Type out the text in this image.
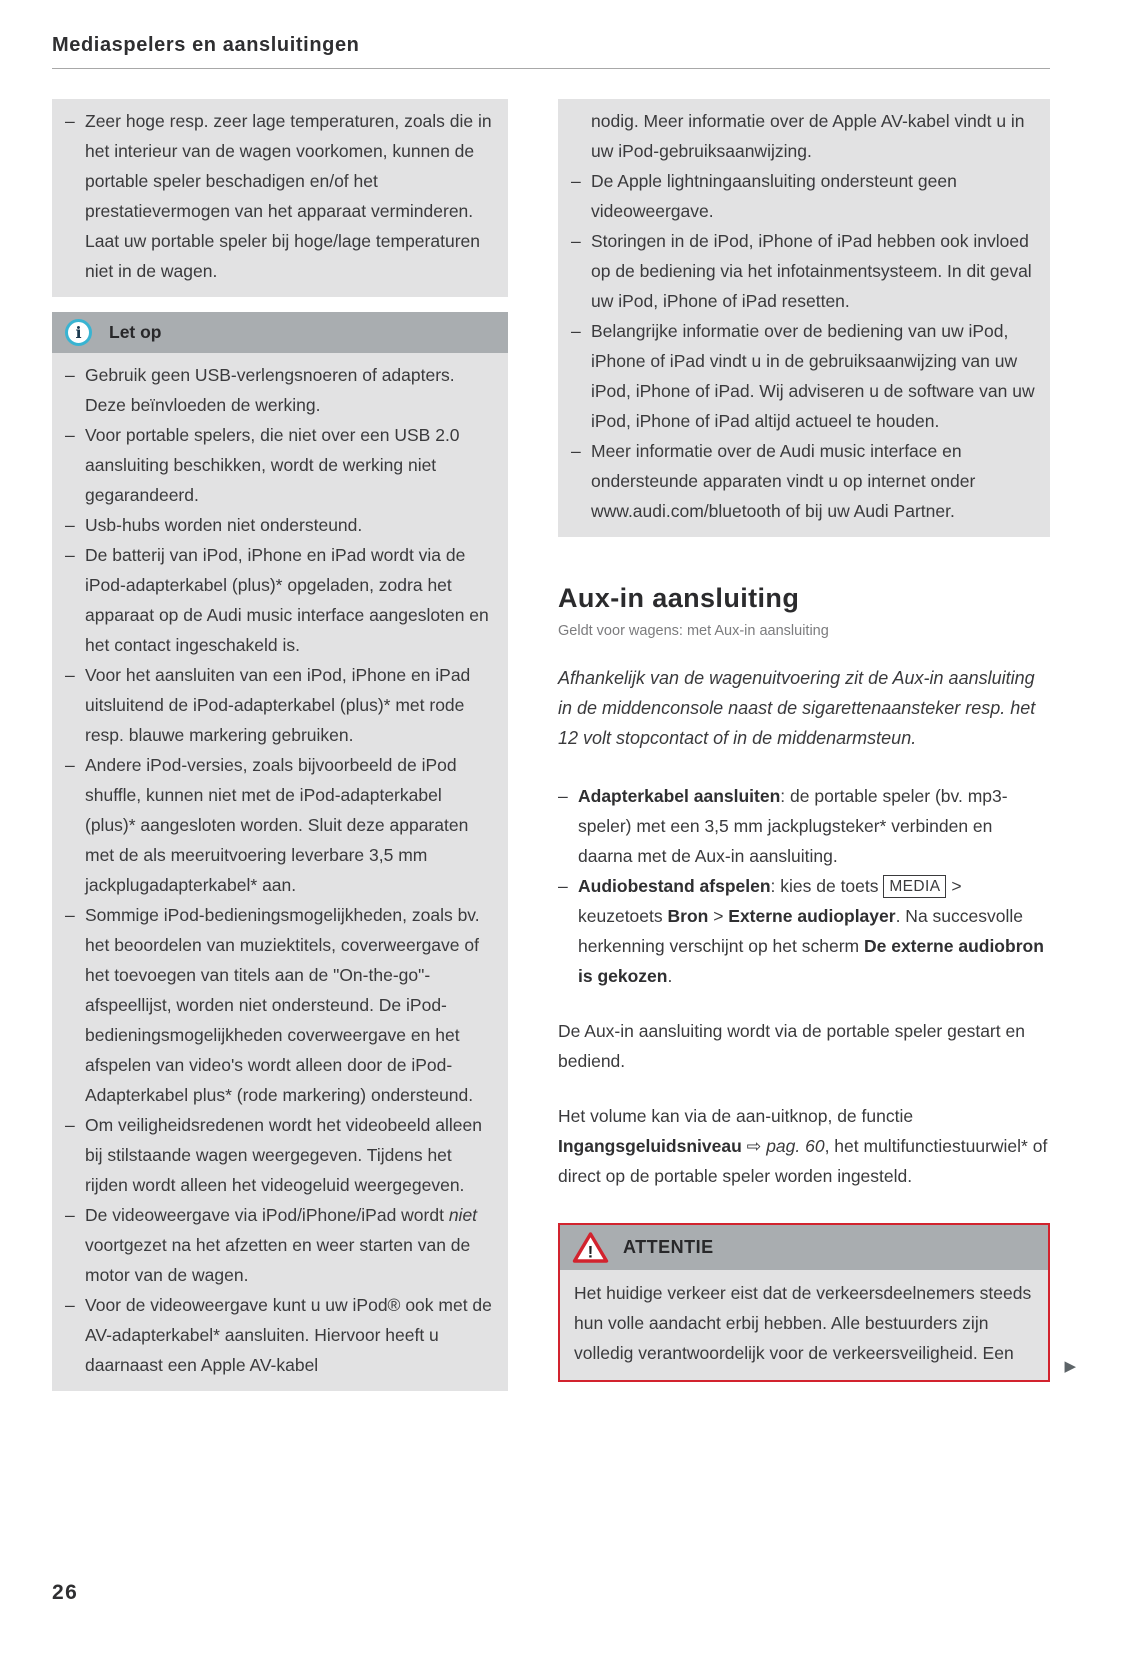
Mediaspelers en aansluitingen
– Zeer hoge resp. zeer lage temperaturen, zoals die in het interieur van de wagen voorkomen, kunnen de portable speler beschadigen en/of het prestatievermogen van het apparaat verminderen. Laat uw portable speler bij hoge/lage temperaturen niet in de wagen.
i	Let op
– Gebruik geen USB-verlengsnoeren of adapters. Deze beïnvloeden de werking.
– Voor portable spelers, die niet over een USB 2.0 aansluiting beschikken, wordt de werking niet gegarandeerd.
– Usb-hubs worden niet ondersteund.
– De batterij van iPod, iPhone en iPad wordt via de iPod-adapterkabel (plus)* opgeladen, zodra het apparaat op de Audi music interface aangesloten en het contact ingeschakeld is.
– Voor het aansluiten van een iPod, iPhone en iPad uitsluitend de iPod-adapterkabel (plus)* met rode resp. blauwe markering gebruiken.
– Andere iPod-versies, zoals bijvoorbeeld de iPod shuffle, kunnen niet met de iPod-adapterkabel (plus)* aangesloten worden. Sluit deze apparaten met de als meeruitvoering leverbare 3,5 mm jackplugadapterkabel* aan.
– Sommige iPod-bedieningsmogelijkheden, zoals bv. het beoordelen van muziektitels, coverweergave of het toevoegen van titels aan de "On-the-go"-afspeellijst, worden niet ondersteund. De iPod-bedieningsmogelijkheden coverweergave en het afspelen van video's wordt alleen door de iPod-Adapterkabel plus* (rode markering) ondersteund.
– Om veiligheidsredenen wordt het videobeeld alleen bij stilstaande wagen weergegeven. Tijdens het rijden wordt alleen het videogeluid weergegeven.
– De videoweergave via iPod/iPhone/iPad wordt niet voortgezet na het afzetten en weer starten van de motor van de wagen.
– Voor de videoweergave kunt u uw iPod® ook met de AV-adapterkabel* aansluiten. Hiervoor heeft u daarnaast een Apple AV-kabel
nodig. Meer informatie over de Apple AV-kabel vindt u in uw iPod-gebruiksaanwijzing.
– De Apple lightningaansluiting ondersteunt geen videoweergave.
– Storingen in de iPod, iPhone of iPad hebben ook invloed op de bediening via het infotainmentsysteem. In dit geval uw iPod, iPhone of iPad resetten.
– Belangrijke informatie over de bediening van uw iPod, iPhone of iPad vindt u in de gebruiksaanwijzing van uw iPod, iPhone of iPad. Wij adviseren u de software van uw iPod, iPhone of iPad altijd actueel te houden.
– Meer informatie over de Audi music interface en ondersteunde apparaten vindt u op internet onder www.audi.com/bluetooth of bij uw Audi Partner.
Aux-in aansluiting
Geldt voor wagens: met Aux-in aansluiting
Afhankelijk van de wagenuitvoering zit de Aux-in aansluiting in de middenconsole naast de sigarettenaansteker resp. het 12 volt stopcontact of in de middenarmsteun.
– Adapterkabel aansluiten: de portable speler (bv. mp3-speler) met een 3,5 mm jackplugsteker* verbinden en daarna met de Aux-in aansluiting.
– Audiobestand afspelen: kies de toets MEDIA > keuzetoets Bron > Externe audioplayer. Na succesvolle herkenning verschijnt op het scherm De externe audiobron is gekozen.
De Aux-in aansluiting wordt via de portable speler gestart en bediend.
Het volume kan via de aan-uitknop, de functie Ingangsgeluidsniveau ⇨ pag. 60, het multifunctiestuurwiel* of direct op de portable speler worden ingesteld.
! ATTENTIE
Het huidige verkeer eist dat de verkeersdeelnemers steeds hun volle aandacht erbij hebben. Alle bestuurders zijn volledig verantwoordelijk voor de verkeersveiligheid. Een
▶
26
